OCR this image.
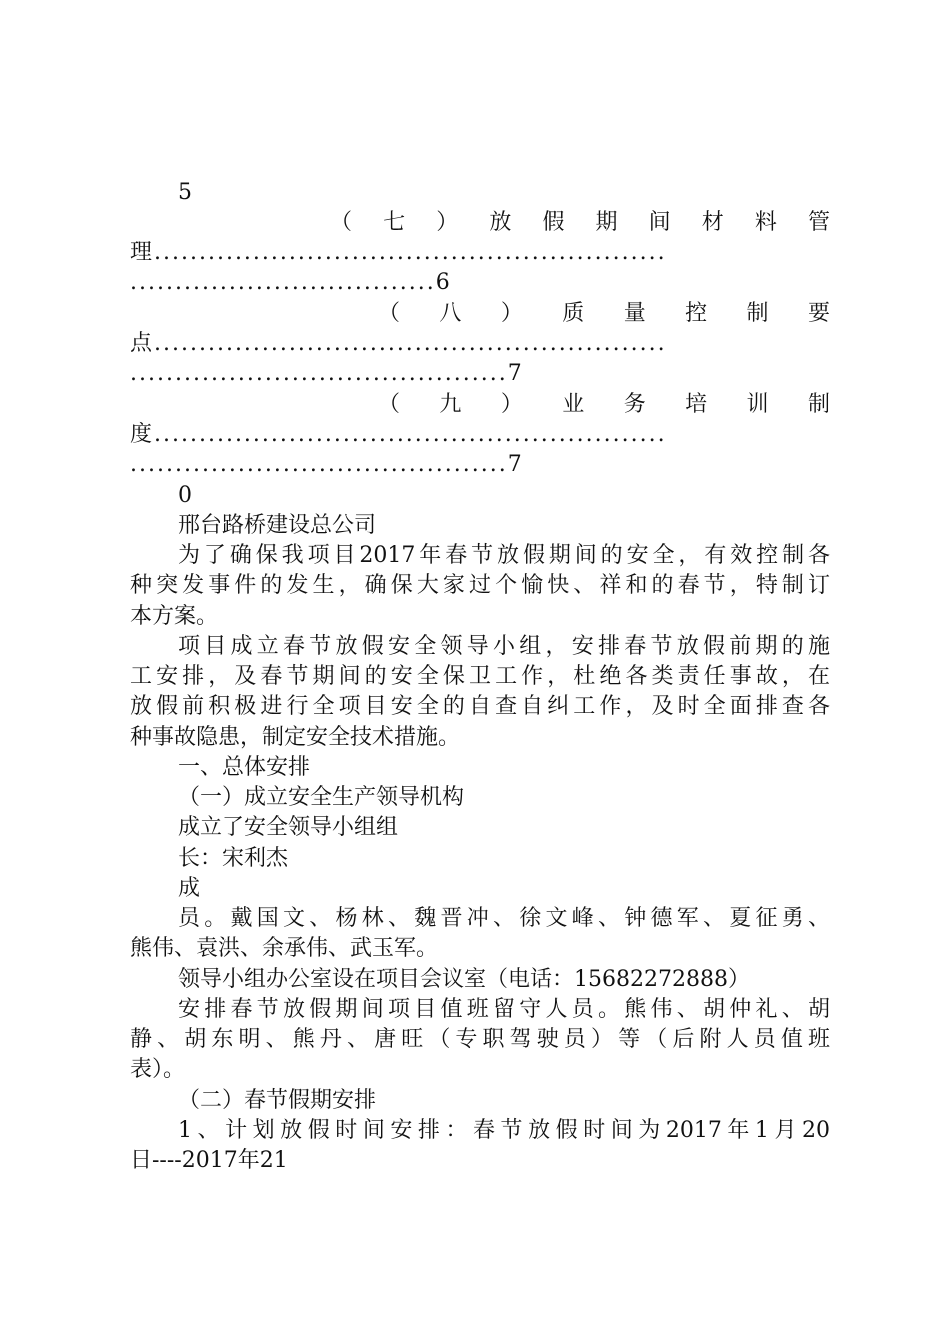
5
（ 七 ） 放 假 期 间 材 料 管
理.........................................................
..................................6
（ 八 ） 质 量 控 制 要
点.........................................................
..........................................7
（ 九 ） 业 务 培 训 制
度.........................................................
..........................................7
0
邢台路桥建设总公司
为了确保我项目2017年春节放假期间的安全，有效控制各
种突发事件的发生，确保大家过个愉快、祥和的春节，特制订
本方案。
项目成立春节放假安全领导小组，安排春节放假前期的施
工安排，及春节期间的安全保卫工作，杜绝各类责任事故，在
放假前积极进行全项目安全的自查自纠工作，及时全面排查各
种事故隐患，制定安全技术措施。
一、总体安排
（一）成立安全生产领导机构
成立了安全领导小组组
长：宋利杰
成
员。戴国文、杨林、魏晋冲、徐文峰、钟德军、夏征勇、
熊伟、袁洪、余承伟、武玉军。
领导小组办公室设在项目会议室（电话：15682272888）
安排春节放假期间项目值班留守人员。熊伟、胡仲礼、胡
静、胡东明、熊丹、唐旺（专职驾驶员）等（后附人员值班
表）。
（二）春节假期安排
1、计划放假时间安排：春节放假时间为2017年1月20
日----2017年21
